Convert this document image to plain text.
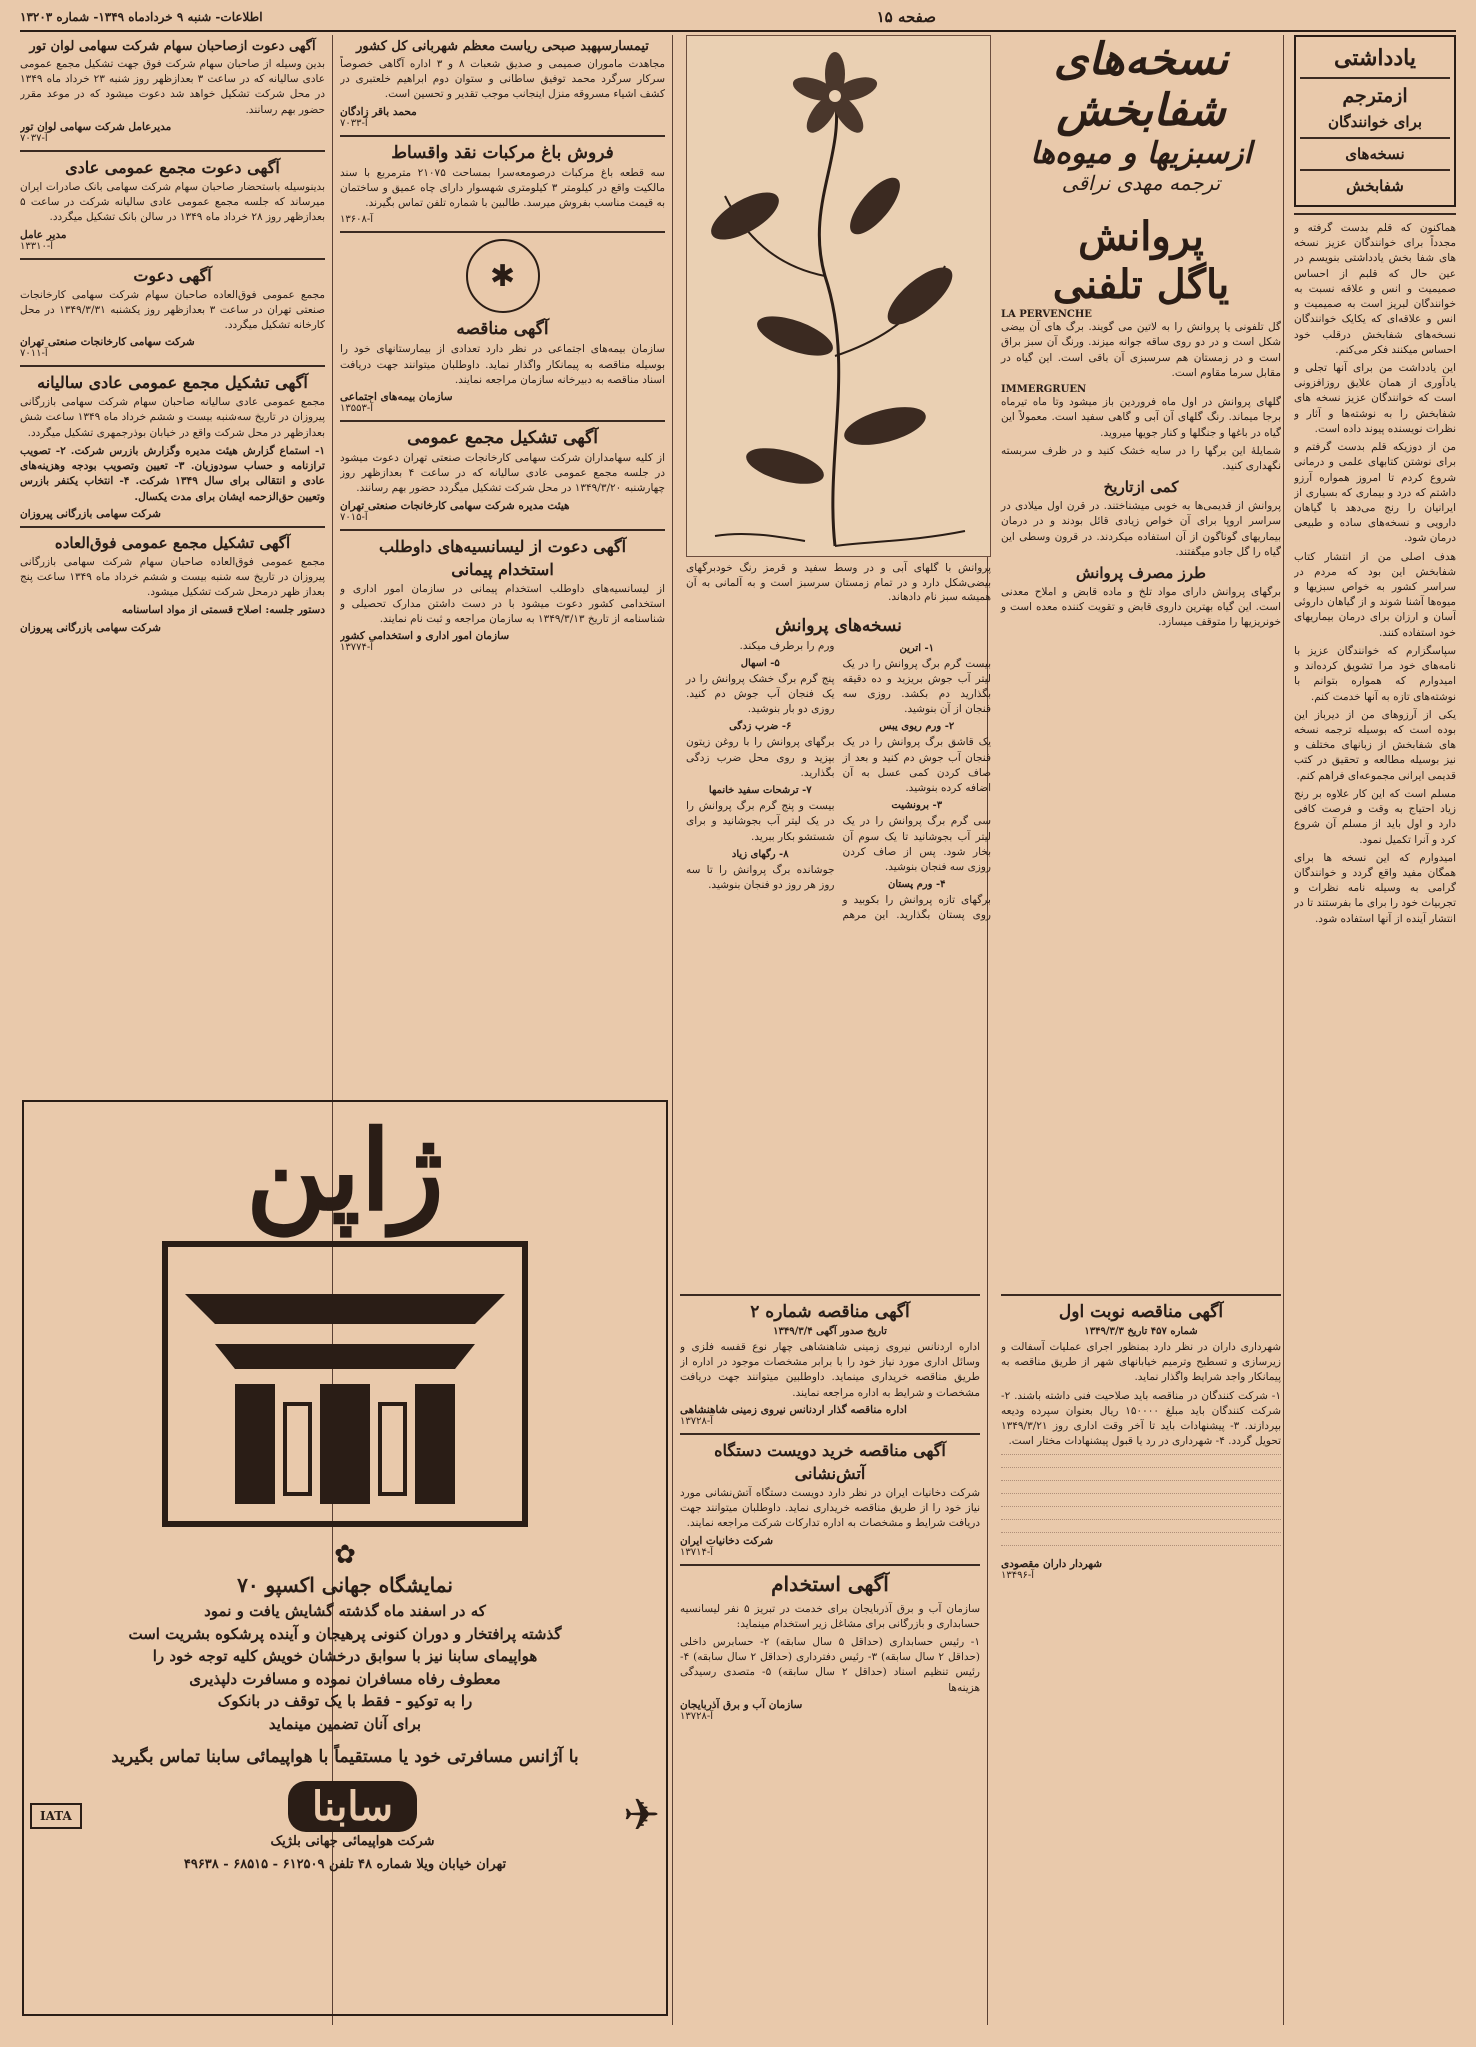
صفحه ۱۵
اطلاعات- شنبه ۹ خردادماه ۱۳۴۹- شماره ۱۳۲۰۳
یادداشتی
ازمترجم
برای خوانندگان
نسخه‌های
شفابخش

هماکنون که قلم بدست گرفته و مجدداً برای خوانندگان عزیز نسخه های شفا بخش یادداشتی بنویسم در عین حال که قلبم از احساس صمیمیت و انس و علاقه نسبت به خوانندگان لبریز است به صمیمیت و انس و علاقه‌ای که یکایک خوانندگان نسخه‌های شفابخش درقلب خود احساس میکنند فکر می‌کنم.

این یادداشت من برای آنها تجلی و یادآوری از همان علایق روزافزونی است که خوانندگان عزیز نسخه های شفابخش را به نوشته‌ها و آثار و نظرات نویسنده پیوند داده است.

من از دوزیکه قلم بدست گرفتم و برای نوشتن کتابهای علمی و درمانی شروع کردم تا امروز همواره آرزو داشتم که درد و بیماری که بسیاری از ایرانیان را رنج می‌دهد با گیاهان دارویی و نسخه‌های ساده و طبیعی درمان شود.

هدف اصلی من از انتشار کتاب شفابخش این بود که مردم در سراسر کشور به خواص سبزیها و میوه‌ها آشنا شوند و از گیاهان داروئی آسان و ارزان برای درمان بیماریهای خود استفاده کنند.

سپاسگزارم که خوانندگان عزیز با نامه‌های خود مرا تشویق کرده‌اند و امیدوارم که همواره بتوانم با نوشته‌های تازه به آنها خدمت کنم.

یکی از آرزوهای من از دیرباز این بوده است که بوسیله ترجمه نسخه های شفابخش از زبانهای مختلف و نیز بوسیله مطالعه و تحقیق در کتب قدیمی ایرانی مجموعه‌ای فراهم کنم.

مسلم است که این کار علاوه بر رنج زیاد احتیاج به وقت و فرصت کافی دارد و اول باید از مسلم آن شروع کرد و آنرا تکمیل نمود.

امیدوارم که این نسخه ها برای همگان مفید واقع گردد و خوانندگان گرامی به وسیله نامه نظرات و تجربیات خود را برای ما بفرستند تا در انتشار آینده از آنها استفاده شود.

نسخه‌های شفابخش
ازسبزیها و میوه‌ها
ترجمه مهدی نراقی
پروانش
یاگل تلفنی
LA PERVENCHE

گل تلفونی یا پروانش را به لاتین می گویند. برگ های آن بیضی شکل است و در دو روی ساقه جوانه میزند. ورنگ آن سبز براق است و در زمستان هم سرسبزی آن باقی است. این گیاه در مقابل سرما مقاوم است.

IMMERGRUEN

گلهای پروانش در اول ماه فروردین باز میشود وتا ماه تیرماه برجا میماند. رنگ گلهای آن آبی و گاهی سفید است. معمولاً این گیاه در باغها و جنگلها و کنار جویها میروید.

شمایلهٔ این برگها را در سایه خشک کنید و در ظرف سربسته نگهداری کنید.

کمی ازتاریخ

پروانش از قدیمی‌ها به خوبی میشناختند. در قرن اول میلادی در سراسر اروپا برای آن خواص زیادی قائل بودند و در درمان بیماریهای گوناگون از آن استفاده میکردند. در قرون وسطی این گیاه را گل جادو میگفتند.

طرز مصرف پروانش

برگهای پروانش دارای مواد تلخ و ماده قابض و املاح معدنی است. این گیاه بهترین داروی قابض و تقویت کننده معده است و خونریزیها را متوقف میسازد.

پروانش با گلهای آبی و در وسط سفید و قرمز رنگ خودبرگهای بیضی‌شکل دارد و در تمام زمستان سرسبز است و به آلمانی به آن همیشه سبز نام دادهاند.

نسخه‌های پروانش
۱- اترین

بیست گرم برگ پروانش را در یک لیتر آب جوش بریزید و ده دقیقه بگذارید دم بکشد. روزی سه فنجان از آن بنوشید.

۲- ورم ریوی یبس

یک قاشق برگ پروانش را در یک فنجان آب جوش دم کنید و بعد از صاف کردن کمی عسل به آن اضافه کرده بنوشید.

۳- برونشیت

سی گرم برگ پروانش را در یک لیتر آب بجوشانید تا یک سوم آن بخار شود. پس از صاف کردن روزی سه فنجان بنوشید.

۴- ورم پستان

برگهای تازه پروانش را بکوبید و روی پستان بگذارید. این مرهم ورم را برطرف میکند.

۵- اسهال

پنج گرم برگ خشک پروانش را در یک فنجان آب جوش دم کنید. روزی دو بار بنوشید.

۶- ضرب زدگی

برگهای پروانش را با روغن زیتون بپزید و روی محل ضرب زدگی بگذارید.

۷- ترشحات سفید خانمها

بیست و پنج گرم برگ پروانش را در یک لیتر آب بجوشانید و برای شستشو بکار ببرید.

۸- رگهای زیاد

جوشانده برگ پروانش را تا سه روز هر روز دو فنجان بنوشید.

آگهی مناقصه نوبت اول
شماره ۴۵۷ تاریخ ۱۳۴۹/۳/۳

شهرداری داران در نظر دارد بمنظور اجرای عملیات آسفالت و زیرسازی و تسطیح وترمیم خیابانهای شهر از طریق مناقصه به پیمانکار واجد شرایط واگذار نماید.

۱- شرکت کنندگان در مناقصه باید صلاحیت فنی داشته باشند. ۲- شرکت کنندگان باید مبلغ ۱۵۰۰۰۰ ریال بعنوان سپرده ودیعه بپردازند. ۳- پیشنهادات باید تا آخر وقت اداری روز ۱۳۴۹/۳/۲۱ تحویل گردد. ۴- شهرداری در رد یا قبول پیشنهادات مختار است.

شهردار داران مقصودی
آ-۱۳۴۹۶
آگهی مناقصه شماره ۲
تاریخ صدور آگهی ۱۳۴۹/۳/۴

اداره اردنانس نیروی زمینی شاهنشاهی چهار نوع قفسه فلزی و وسائل اداری مورد نیاز خود را با برابر مشخصات موجود در اداره از طریق مناقصه خریداری مینماید. داوطلبین میتوانند جهت دریافت مشخصات و شرایط به اداره مراجعه نمایند.

اداره مناقصه گذار اردنانس نیروی زمینی شاهنشاهی
آ-۱۳۷۲۸
آگهی مناقصه خرید دویست دستگاه
آتش‌نشانی

شرکت دخانیات ایران در نظر دارد دویست دستگاه آتش‌نشانی مورد نیاز خود را از طریق مناقصه خریداری نماید. داوطلبان میتوانند جهت دریافت شرایط و مشخصات به اداره تدارکات شرکت مراجعه نمایند.

شرکت دخانیات ایران
آ-۱۳۷۱۴
آگهی استخدام

سازمان آب و برق آذربایجان برای خدمت در تبریز ۵ نفر لیسانسیه حسابداری و بازرگانی برای مشاغل زیر استخدام مینماید:

۱- رئیس حسابداری (حداقل ۵ سال سابقه) ۲- حسابرس داخلی (حداقل ۲ سال سابقه) ۳- رئیس دفترداری (حداقل ۲ سال سابقه) ۴- رئیس تنظیم اسناد (حداقل ۲ سال سابقه) ۵- متصدی رسیدگی هزینه‌ها

سازمان آب و برق آذربایجان
آ-۱۳۷۲۸
تیمسارسپهبد صبحی رياست معظم شهربانی کل کشور

مجاهدت ماموران صمیمی و صدیق شعبات ۸ و ۳ اداره آگاهی خصوصاً سرکار سرگرد محمد توفیق ساطانی و ستوان دوم ابراهیم خلعتبری در کشف اشیاء مسروقه منزل اینجانب موجب تقدیر و تحسین است.

محمد باقر زادگان
آ-۷۰۳۳
فروش باغ مرکبات نقد واقساط

سه قطعه باغ مرکبات درصومعه‌سرا بمساحت ۲۱۰۷۵ مترمربع با سند مالکیت واقع در کیلومتر ۳ کیلومتری شهسوار دارای چاه عمیق و ساختمان به قیمت مناسب بفروش میرسد. طالبین با شماره تلفن تماس بگیرند.

آ-۱۳۶۰۸
✱
آگهی مناقصه

سازمان بیمه‌های اجتماعی در نظر دارد تعدادی از بیمارستانهای خود را بوسیله مناقصه به پیمانکار واگذار نماید. داوطلبان میتوانند جهت دریافت اسناد مناقصه به دبیرخانه سازمان مراجعه نمایند.

سازمان بیمه‌های اجتماعی
آ-۱۳۵۵۳
آگهی تشکیل مجمع عمومی

از کلیه سهامداران شرکت سهامی کارخانجات صنعتی تهران دعوت میشود در جلسه مجمع عمومی عادی سالیانه که در ساعت ۴ بعدازظهر روز چهارشنبه ۱۳۴۹/۳/۲۰ در محل شرکت تشکیل میگردد حضور بهم رسانند.

هیئت مدیره شرکت سهامی کارخانجات صنعتی تهران
آ-۷۰۱۵
آگهی دعوت از لیسانسیه‌های داوطلب
استخدام پیمانی

از لیسانسیه‌های داوطلب استخدام پیمانی در سازمان امور اداری و استخدامی کشور دعوت میشود با در دست داشتن مدارک تحصیلی و شناسنامه از تاریخ ۱۳۴۹/۳/۱۳ به سازمان مراجعه و ثبت نام نمایند.

سازمان امور اداری و استخدامی کشور
آ-۱۳۷۷۴
آگهی دعوت ازصاحبان سهام شرکت سهامی لوان تور

بدین وسیله از صاحبان سهام شرکت فوق جهت تشکیل مجمع عمومی عادی سالیانه که در ساعت ۳ بعدازظهر روز شنبه ۲۳ خرداد ماه ۱۳۴۹ در محل شرکت تشکیل خواهد شد دعوت میشود که در موعد مقرر حضور بهم رسانند.

مدیرعامل شرکت سهامی لوان تور
آ-۷۰۳۷
آگهی دعوت مجمع عمومی عادی

بدینوسیله باستحضار صاحبان سهام شرکت سهامی بانک صادرات ایران میرساند که جلسه مجمع عمومی عادی سالیانه شرکت در ساعت ۵ بعدازظهر روز ۲۸ خرداد ماه ۱۳۴۹ در سالن بانک تشکیل میگردد.

مدیر عامل
آ-۱۳۳۱۰
آگهی دعوت

مجمع عمومی فوق‌العاده صاحبان سهام شرکت سهامی کارخانجات صنعتی تهران در ساعت ۳ بعدازظهر روز یکشنبه ۱۳۴۹/۳/۳۱ در محل کارخانه تشکیل میگردد.

شرکت سهامی کارخانجات صنعتی تهران
آ-۷۰۱۱
آگهی تشکیل مجمع عمومی عادی سالیانه

مجمع عمومی عادی سالیانه صاحبان سهام شرکت سهامی بازرگانی پیروزان در تاریخ سه‌شنبه بیست و ششم خرداد ماه ۱۳۴۹ ساعت شش بعدازظهر در محل شرکت واقع در خیابان بوذرجمهری تشکیل میگردد.

۱- استماع گزارش هیئت مدیره وگزارش بازرس شرکت. ۲- تصویب ترازنامه و حساب سودوزیان. ۳- تعیین وتصویب بودجه وهزینه‌های عادی و انتقالی برای سال ۱۳۴۹ شرکت. ۴- انتخاب یکنفر بازرس وتعیین حق‌الزحمه ایشان برای مدت یکسال.

شرکت سهامی بازرگانی پیروزان
آگهی تشکیل مجمع عمومی فوق‌العاده

مجمع عمومی فوق‌العاده صاحبان سهام شرکت سهامی بازرگانی پیروزان در تاریخ سه شنبه بیست و ششم خرداد ماه ۱۳۴۹ ساعت پنج بعداز ظهر درمحل شرکت تشکیل میشود.

دستور جلسه: اصلاح قسمتی از مواد اساسنامه

شرکت سهامی بازرگانی پیروزان
ژاپن
✿
نمایشگاه جهانی اکسپو ۷۰
که در اسفند ماه گذشته گشایش یافت و نمود
گذشته پرافتخار و دوران کنونی پرهیجان و آینده پرشکوه بشریت است
هواپیمای سابنا نیز با سوابق درخشان خویش کلیه توجه خود را
معطوف رفاه مسافران نموده و مسافرت دلپذیری
را به توکیو - فقط با یک توقف در بانکوک
برای آنان تضمین مینماید
با آژانس مسافرتی خود یا مستقیماً با هواپیمائی سابنا تماس بگیرید
IATA	سابنا
شرکت هواپیمائی جهانی بلژیک	✈
تهران خیابان ویلا شماره ۴۸ تلفن ۶۱۲۵۰۹ - ۶۸۵۱۵ - ۴۹۶۳۸
